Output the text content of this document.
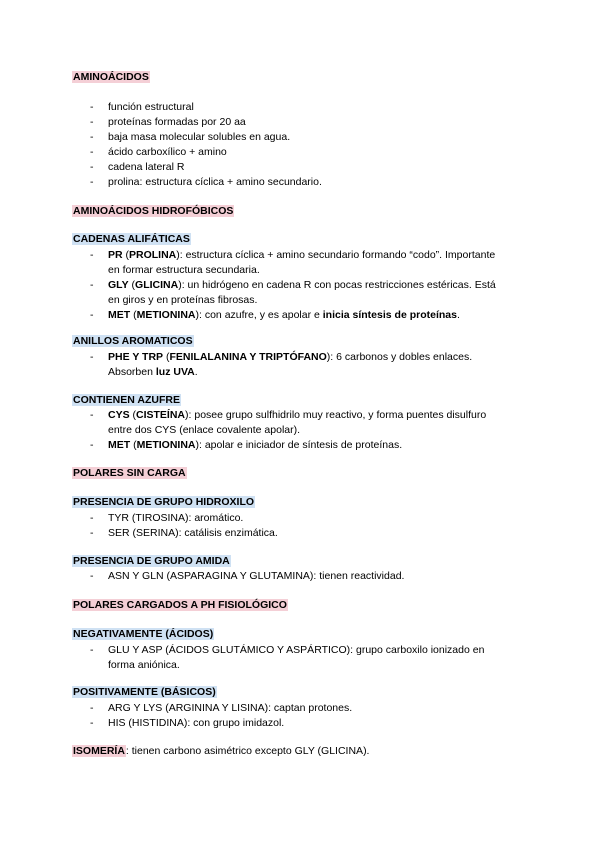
AMINOÁCIDOS
- función estructural
- proteínas formadas por 20 aa
- baja masa molecular solubles en agua.
- ácido carboxílico + amino
- cadena lateral R
- prolina: estructura cíclica + amino secundario.
AMINOÁCIDOS HIDROFÓBICOS
CADENAS ALIFÁTICAS
- PR (PROLINA): estructura cíclica + amino secundario formando “codo”. Importante en formar estructura secundaria.
- GLY (GLICINA): un hidrógeno en cadena R con pocas restricciones estéricas. Está en giros y en proteínas fibrosas.
- MET (METIONINA): con azufre, y es apolar e inicia síntesis de proteínas.
ANILLOS AROMATICOS
- PHE Y TRP (FENILALANINA Y TRIPTÓFANO): 6 carbonos y dobles enlaces. Absorben luz UVA.
CONTIENEN AZUFRE
- CYS (CISTEÍNA): posee grupo sulfhidrilo muy reactivo, y forma puentes disulfuro entre dos CYS (enlace covalente apolar).
- MET (METIONINA): apolar e iniciador de síntesis de proteínas.
POLARES SIN CARGA
PRESENCIA DE GRUPO HIDROXILO
- TYR (TIROSINA): aromático.
- SER (SERINA): catálisis enzimática.
PRESENCIA DE GRUPO AMIDA
- ASN Y GLN (ASPARAGINA Y GLUTAMINA): tienen reactividad.
POLARES CARGADOS A PH FISIOLÓGICO
NEGATIVAMENTE (ÁCIDOS)
- GLU Y ASP (ÁCIDOS GLUTÁMICO Y ASPÁRTICO): grupo carboxilo ionizado en forma aniónica.
POSITIVAMENTE (BÁSICOS)
- ARG Y LYS (ARGININA Y LISINA): captan protones.
- HIS (HISTIDINA): con grupo imidazol.

ISOMERÍA: tienen carbono asimétrico excepto GLY (GLICINA).
